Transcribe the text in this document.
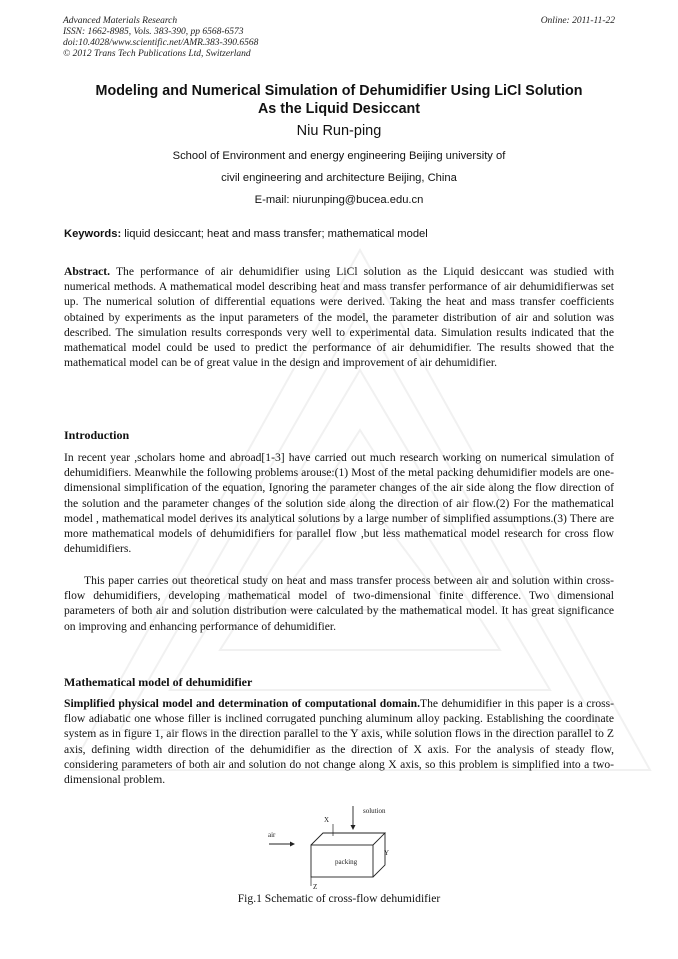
Advanced Materials Research
ISSN: 1662-8985, Vols. 383-390, pp 6568-6573
doi:10.4028/www.scientific.net/AMR.383-390.6568
© 2012 Trans Tech Publications Ltd, Switzerland
Online: 2011-11-22
Modeling and Numerical Simulation of Dehumidifier Using LiCl Solution
As the Liquid Desiccant
Niu Run-ping
School of Environment and energy engineering Beijing university of
civil engineering and architecture Beijing, China
E-mail: niurunping@bucea.edu.cn
Keywords: liquid desiccant; heat and mass transfer; mathematical model
Abstract. The performance of air dehumidifier using LiCl solution as the Liquid desiccant was studied with numerical methods. A mathematical model describing heat and mass transfer performance of air dehumidifierwas set up. The numerical solution of differential equations were derived. Taking the heat and mass transfer coefficients obtained by experiments as the input parameters of the model, the parameter distribution of air and solution was described. The simulation results corresponds very well to experimental data. Simulation results indicated that the mathematical model could be used to predict the performance of air dehumidifier. The results showed that the mathematical model can be of great value in the design and improvement of air dehumidifier.
Introduction
In recent year ,scholars home and abroad[1-3] have carried out much research working on numerical simulation of dehumidifiers. Meanwhile the following problems arouse:(1) Most of the metal packing dehumidifier models are one-dimensional simplification of the equation, Ignoring the parameter changes of the air side along the flow direction of the solution and the parameter changes of the solution side along the direction of air flow.(2) For the mathematical model , mathematical model derives its analytical solutions by a large number of simplified assumptions.(3) There are more mathematical models of dehumidifiers for parallel flow ,but less mathematical model research for cross flow dehumidifiers.
This paper carries out theoretical study on heat and mass transfer process between air and solution within cross-flow dehumidifiers, developing mathematical model of two-dimensional finite difference. Two dimensional parameters of both air and solution distribution were calculated by the mathematical model. It has great significance on improving and enhancing performance of dehumidifier.
Mathematical model of dehumidifier
Simplified physical model and determination of computational domain.The dehumidifier in this paper is a cross-flow adiabatic one whose filler is inclined corrugated punching aluminum alloy packing. Establishing the coordinate system as in figure 1, air flows in the direction parallel to the Y axis, while solution flows in the direction parallel to Z axis, defining width direction of the dehumidifier as the direction of X axis. For the analysis of steady flow, considering parameters of both air and solution do not change along X axis, so this problem is simplified into a two-dimensional problem.
solution
X
air
packing
Y
Z
Fig.1 Schematic of cross-flow dehumidifier
